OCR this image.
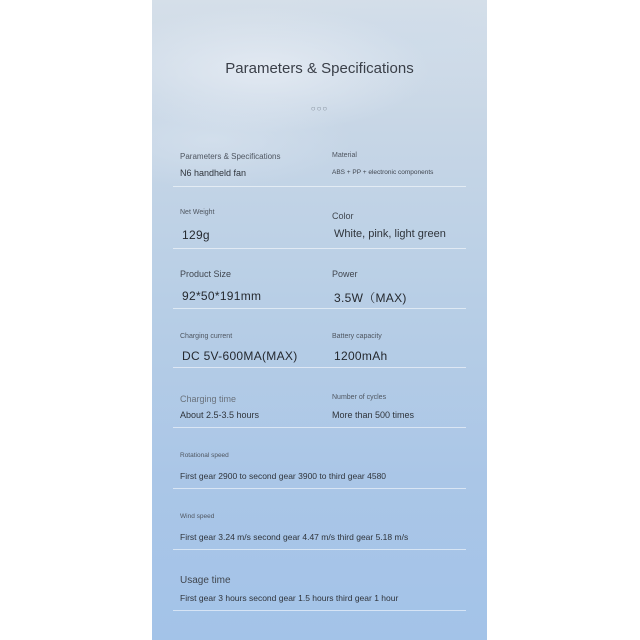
Parameters & Specifications
○○○
Parameters & Specifications
N6 handheld fan
Material
ABS + PP + electronic components
Net Weight
129g
Color
White, pink, light green
Product Size
92*50*191mm
Power
3.5W（MAX)
Charging current
DC 5V-600MA(MAX)
Battery capacity
1200mAh
Charging time
About 2.5-3.5 hours
Number of cycles
More than 500 times
Rotational speed
First gear 2900 to second gear 3900 to third gear 4580
Wind speed
First gear 3.24 m/s second gear 4.47 m/s third gear 5.18 m/s
Usage time
First gear 3 hours second gear 1.5 hours third gear 1 hour
